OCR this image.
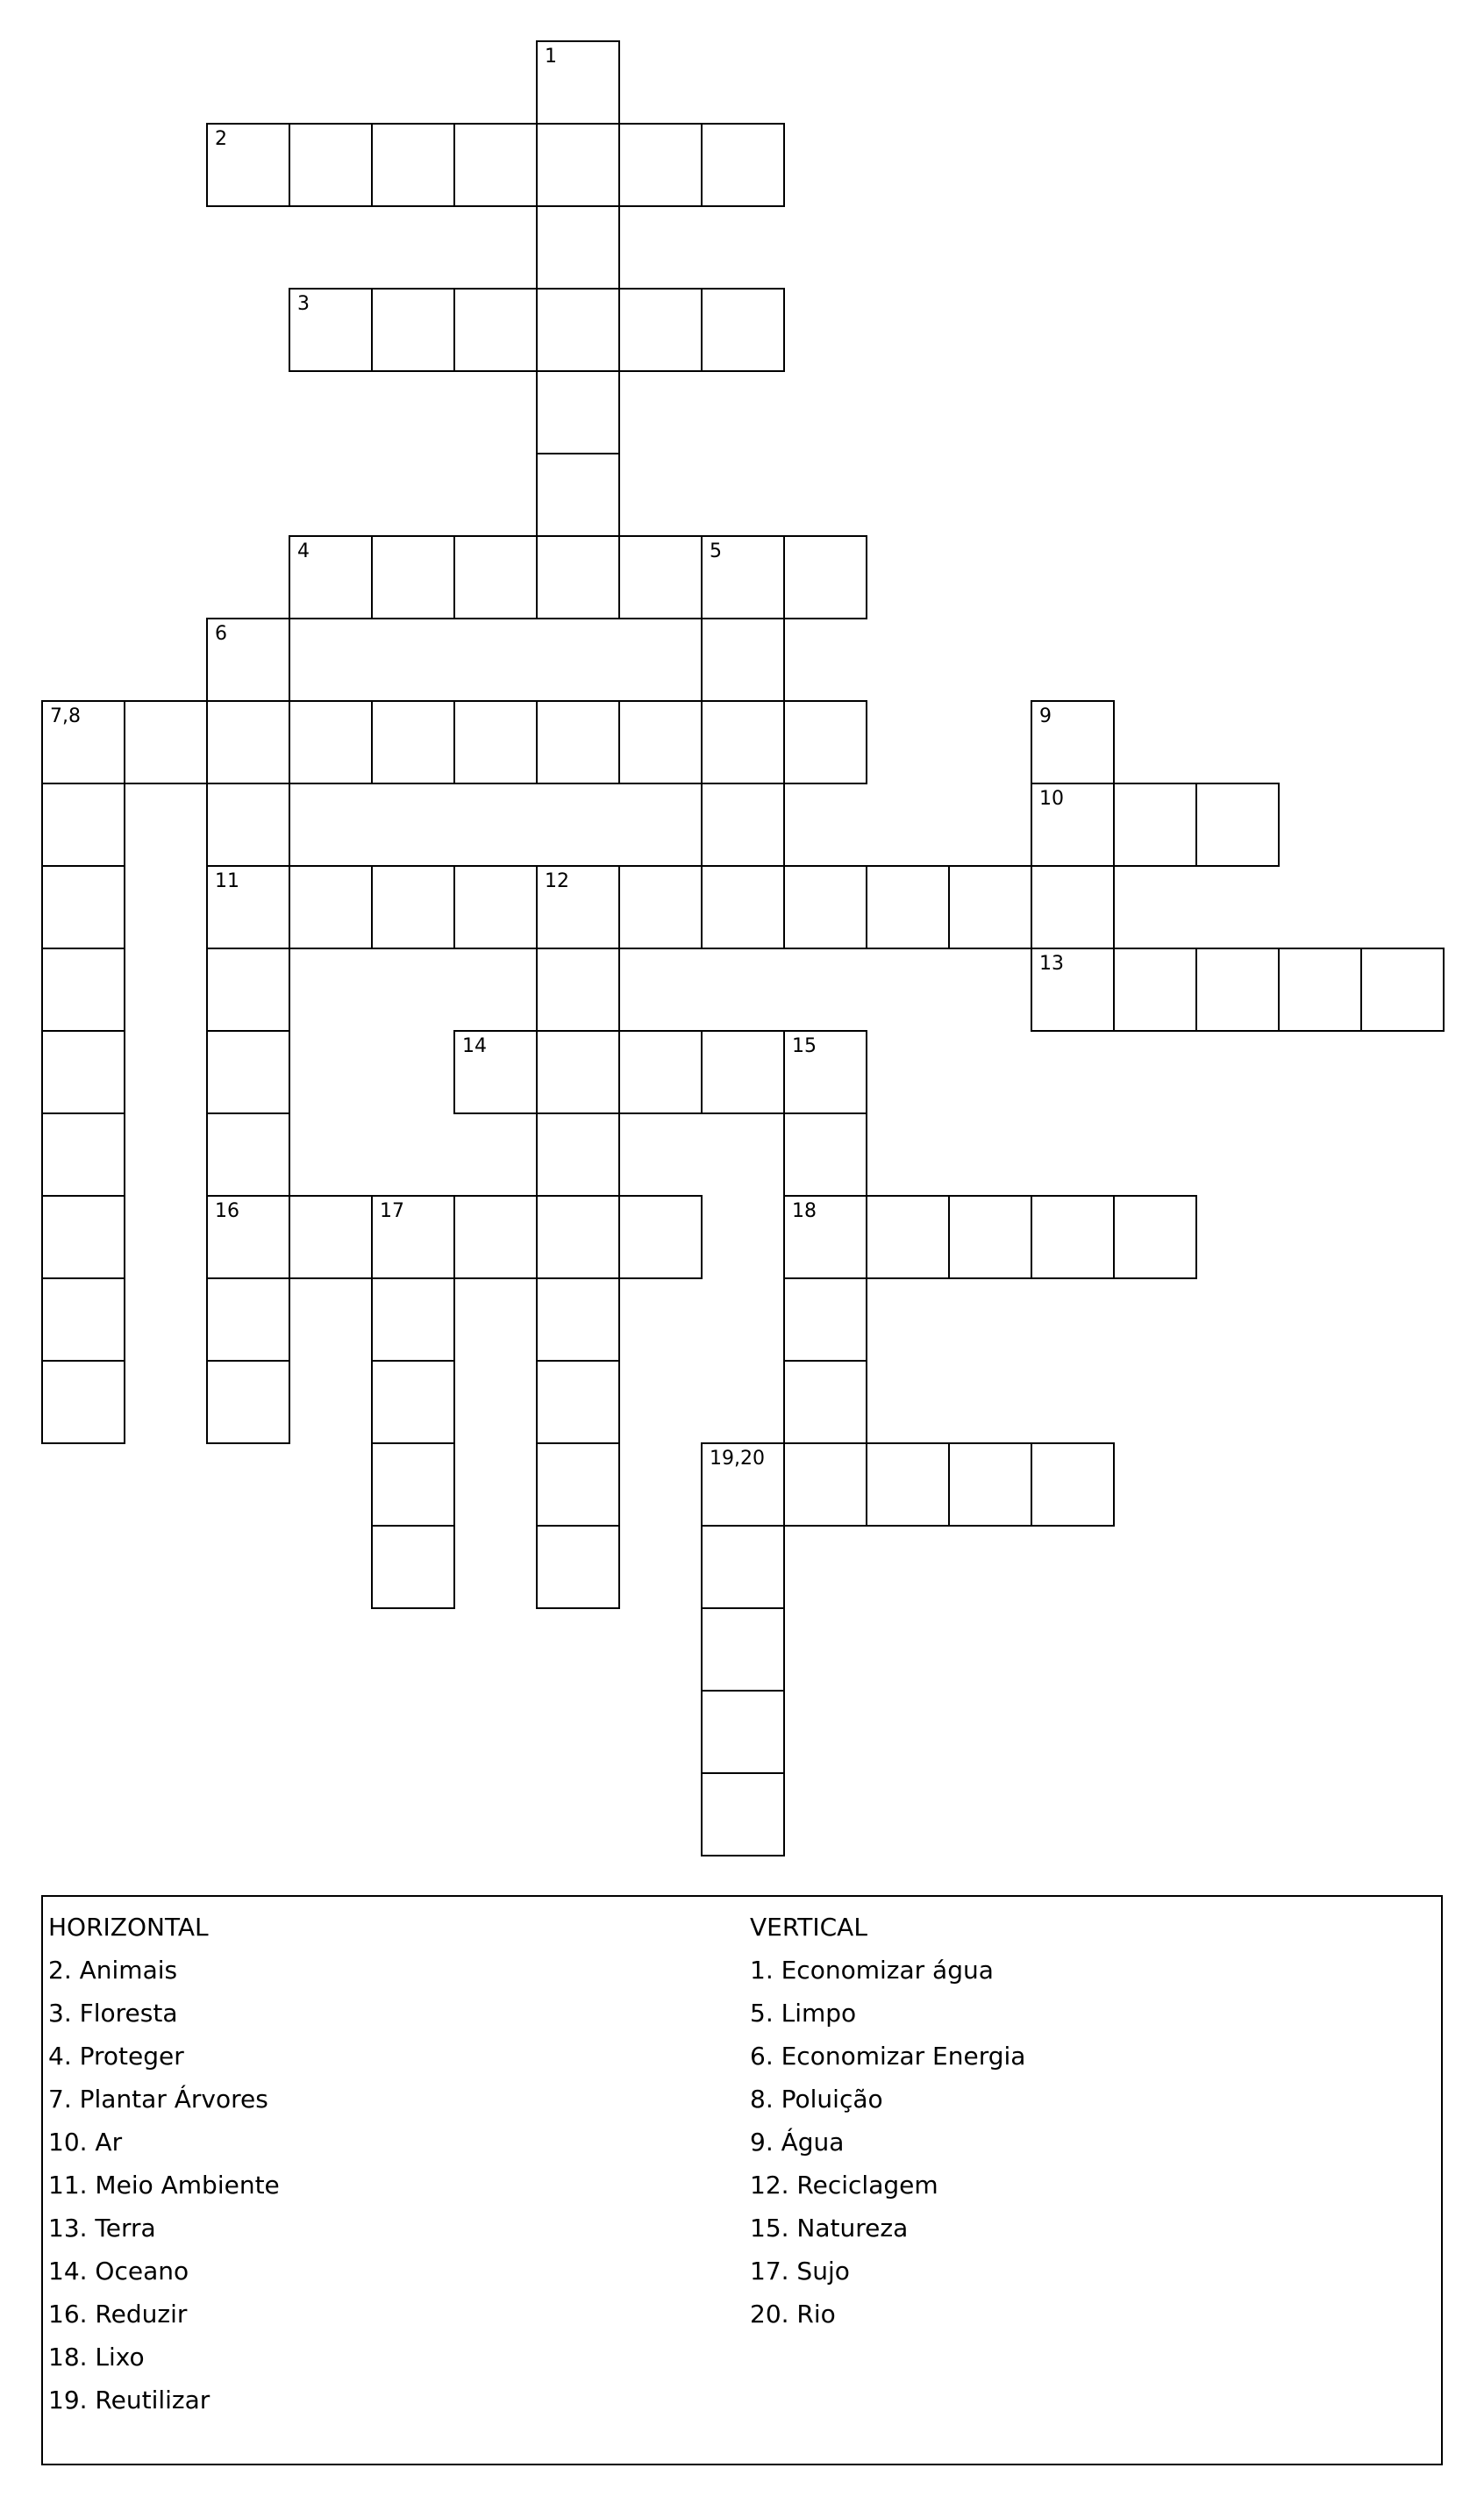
1
2
3
4	5
6
11
16
7,8	9
10
13
12
14	15
18
17
19,20
HORIZONTAL
2. Animais
3. Floresta
4. Proteger
7. Plantar Árvores
10. Ar
11. Meio Ambiente
13. Terra
14. Oceano
16. Reduzir
18. Lixo
19. Reutilizar
VERTICAL
1. Economizar água
5. Limpo
6. Economizar Energia
8. Poluição
9. Água
12. Reciclagem
15. Natureza
17. Sujo
20. Rio
